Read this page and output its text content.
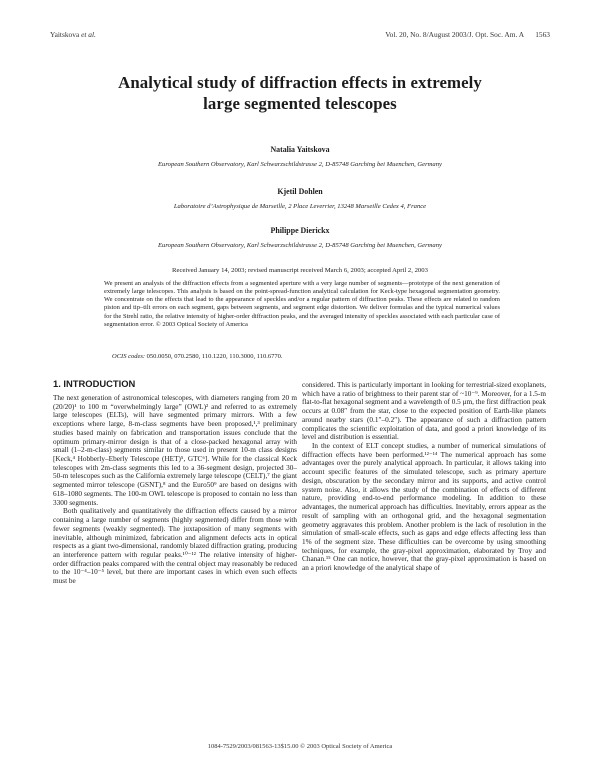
Yaitskova et al.	Vol. 20, No. 8/August 2003/J. Opt. Soc. Am. A 1563
Analytical study of diffraction effects in extremely
large segmented telescopes
Natalia Yaitskova
European Southern Observatory, Karl Schwarzschildstrasse 2, D-85748 Garching bei Muenchen, Germany
Kjetil Dohlen
Laboratoire d’Astrophysique de Marseille, 2 Place Leverrier, 13248 Marseille Cedex 4, France
Philippe Dierickx
European Southern Observatory, Karl Schwarzschildstrasse 2, D-85748 Garching bei Muenchen, Germany
Received January 14, 2003; revised manuscript received March 6, 2003; accepted April 2, 2003
We present an analysis of the diffraction effects from a segmented aperture with a very large number of segments—prototype of the next generation of extremely large telescopes. This analysis is based on the point-spread-function analytical calculation for Keck-type hexagonal segmentation geometry. We concentrate on the effects that lead to the appearance of speckles and/or a regular pattern of diffraction peaks. These effects are related to random piston and tip–tilt errors on each segment, gaps between segments, and segment edge distortion. We deliver formulas and the typical numerical values for the Strehl ratio, the relative intensity of higher-order diffraction peaks, and the averaged intensity of speckles associated with each particular case of segmentation error. © 2003 Optical Society of America
OCIS codes: 050.0050, 070.2580, 110.1220, 110.3000, 110.6770.
1. INTRODUCTION

The next generation of astronomical telescopes, with diameters ranging from 20 m (20/20)¹ to 100 m “overwhelmingly large” (OWL)² and referred to as extremely large telescopes (ELTs), will have segmented primary mirrors. With a few exceptions where large, 8-m-class segments have been proposed,¹,³ preliminary studies based mainly on fabrication and transportation issues conclude that the optimum primary-mirror design is that of a close-packed hexagonal array with small (1–2-m-class) segments similar to those used in present 10-m class designs [Keck,⁴ Hobberly–Eberly Telescope (HET)⁵, GTC⁶]. While for the classical Keck telescopes with 2m-class segments this led to a 36-segment design, projected 30–50-m telescopes such as the California extremely large telescope (CELT),⁷ the giant segmented mirror telescope (GSNT),⁸ and the Euro50⁹ are based on designs with 618–1080 segments. The 100-m OWL telescope is proposed to contain no less than 3300 segments.

Both qualitatively and quantitatively the diffraction effects caused by a mirror containing a large number of segments (highly segmented) differ from those with fewer segments (weakly segmented). The juxtaposition of many segments with inevitable, although minimized, fabrication and alignment defects acts in optical respects as a giant two-dimensional, randomly blazed diffraction grating, producing an interference pattern with regular peaks.¹⁰⁻¹² The relative intensity of higher-order diffraction peaks compared with the central object may reasonably be reduced to the 10⁻⁴–10⁻⁵ level, but there are important cases in which even such effects must be

considered. This is particularly important in looking for terrestrial-sized exoplanets, which have a ratio of brightness to their parent star of ~10⁻⁹. Moreover, for a 1.5-m flat-to-flat hexagonal segment and a wavelength of 0.5 μm, the first diffraction peak occurs at 0.08″ from the star, close to the expected position of Earth-like planets around nearby stars (0.1″–0.2″). The appearance of such a diffraction pattern complicates the scientific exploitation of data, and good a priori knowledge of its level and distribution is essential.

In the context of ELT concept studies, a number of numerical simulations of diffraction effects have been performed.¹²⁻¹⁴ The numerical approach has some advantages over the purely analytical approach. In particular, it allows taking into account specific features of the simulated telescope, such as primary aperture design, obscuration by the secondary mirror and its supports, and active control system noise. Also, it allows the study of the combination of effects of different nature, providing end-to-end performance modeling. In addition to these advantages, the numerical approach has difficulties. Inevitably, errors appear as the result of sampling with an orthogonal grid, and the hexagonal segmentation geometry aggravates this problem. Another problem is the lack of resolution in the simulation of small-scale effects, such as gaps and edge effects affecting less than 1% of the segment size. These difficulties can be overcome by using smoothing techniques, for example, the gray-pixel approximation, elaborated by Troy and Chanan.¹⁵ One can notice, however, that the gray-pixel approximation is based on an a priori knowledge of the analytical shape of

1084-7529/2003/081563-13$15.00 © 2003 Optical Society of America
